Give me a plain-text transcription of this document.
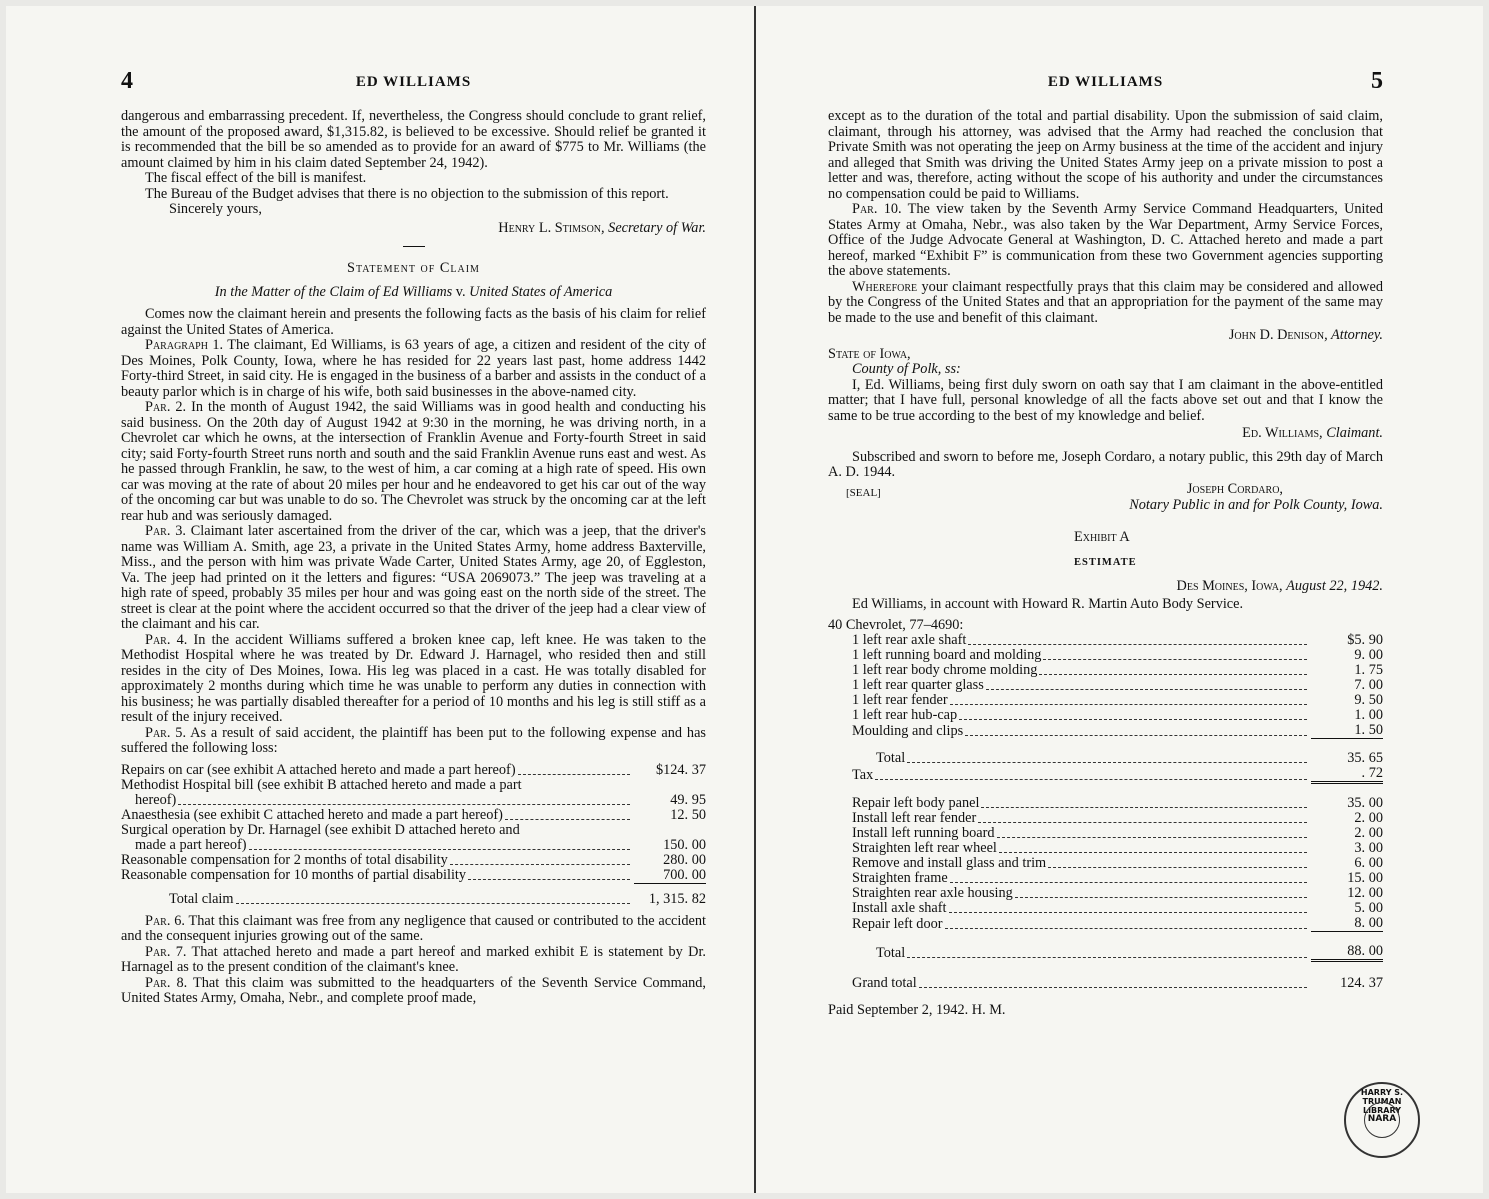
4	ED WILLIAMS

dangerous and embarrassing precedent. If, nevertheless, the Congress should conclude to grant relief, the amount of the proposed award, $1,315.82, is believed to be excessive. Should relief be granted it is recommended that the bill be so amended as to provide for an award of $775 to Mr. Williams (the amount claimed by him in his claim dated September 24, 1942).

The fiscal effect of the bill is manifest.

The Bureau of the Budget advises that there is no objection to the submission of this report.

Sincerely yours,

Henry L. Stimson, Secretary of War.

Statement of Claim

In the Matter of the Claim of Ed Williams v. United States of America

Comes now the claimant herein and presents the following facts as the basis of his claim for relief against the United States of America.

Paragraph 1. The claimant, Ed Williams, is 63 years of age, a citizen and resident of the city of Des Moines, Polk County, Iowa, where he has resided for 22 years last past, home address 1442 Forty-third Street, in said city. He is engaged in the business of a barber and assists in the conduct of a beauty parlor which is in charge of his wife, both said businesses in the above-named city.

Par. 2. In the month of August 1942, the said Williams was in good health and conducting his said business. On the 20th day of August 1942 at 9:30 in the morning, he was driving north, in a Chevrolet car which he owns, at the intersection of Franklin Avenue and Forty-fourth Street in said city; said Forty-fourth Street runs north and south and the said Franklin Avenue runs east and west. As he passed through Franklin, he saw, to the west of him, a car coming at a high rate of speed. His own car was moving at the rate of about 20 miles per hour and he endeavored to get his car out of the way of the oncoming car but was unable to do so. The Chevrolet was struck by the oncoming car at the left rear hub and was seriously damaged.

Par. 3. Claimant later ascertained from the driver of the car, which was a jeep, that the driver's name was William A. Smith, age 23, a private in the United States Army, home address Baxterville, Miss., and the person with him was private Wade Carter, United States Army, age 20, of Eggleston, Va. The jeep had printed on it the letters and figures: “USA 2069073.” The jeep was traveling at a high rate of speed, probably 35 miles per hour and was going east on the north side of the street. The street is clear at the point where the accident occurred so that the driver of the jeep had a clear view of the claimant and his car.

Par. 4. In the accident Williams suffered a broken knee cap, left knee. He was taken to the Methodist Hospital where he was treated by Dr. Edward J. Harnagel, who resided then and still resides in the city of Des Moines, Iowa. His leg was placed in a cast. He was totally disabled for approximately 2 months during which time he was unable to perform any duties in connection with his business; he was partially disabled thereafter for a period of 10 months and his leg is still stiff as a result of the injury received.

Par. 5. As a result of said accident, the plaintiff has been put to the following expense and has suffered the following loss:

Repairs on car (see exhibit A attached hereto and made a part hereof)	$124. 37

Methodist Hospital bill (see exhibit B attached hereto and made a part
hereof)	49. 95

Anaesthesia (see exhibit C attached hereto and made a part hereof)	12. 50

Surgical operation by Dr. Harnagel (see exhibit D attached hereto and
made a part hereof)	150. 00

Reasonable compensation for 2 months of total disability	280. 00

Reasonable compensation for 10 months of partial disability	700. 00

Total claim	1, 315. 82

Par. 6. That this claimant was free from any negligence that caused or contributed to the accident and the consequent injuries growing out of the same.

Par. 7. That attached hereto and made a part hereof and marked exhibit E is statement by Dr. Harnagel as to the present condition of the claimant's knee.

Par. 8. That this claim was submitted to the headquarters of the Seventh Service Command, United States Army, Omaha, Nebr., and complete proof made,

ED WILLIAMS	5

except as to the duration of the total and partial disability. Upon the submission of said claim, claimant, through his attorney, was advised that the Army had reached the conclusion that Private Smith was not operating the jeep on Army business at the time of the accident and injury and alleged that Smith was driving the United States Army jeep on a private mission to post a letter and was, therefore, acting without the scope of his authority and under the circumstances no compensation could be paid to Williams.

Par. 10. The view taken by the Seventh Army Service Command Headquarters, United States Army at Omaha, Nebr., was also taken by the War Department, Army Service Forces, Office of the Judge Advocate General at Washington, D. C. Attached hereto and made a part hereof, marked “Exhibit F” is communication from these two Government agencies supporting the above statements.

Wherefore your claimant respectfully prays that this claim may be considered and allowed by the Congress of the United States and that an appropriation for the payment of the same may be made to the use and benefit of this claimant.

John D. Denison, Attorney.

State of Iowa,

County of Polk, ss:

I, Ed. Williams, being first duly sworn on oath say that I am claimant in the above-entitled matter; that I have full, personal knowledge of all the facts above set out and that I know the same to be true according to the best of my knowledge and belief.

Ed. Williams, Claimant.

Subscribed and sworn to before me, Joseph Cordaro, a notary public, this 29th day of March A. D. 1944.

[SEAL]	Joseph Cordaro,
Notary Public in and for Polk County, Iowa.

Exhibit A

ESTIMATE

Des Moines, Iowa, August 22, 1942.

Ed Williams, in account with Howard R. Martin Auto Body Service.

40 Chevrolet, 77–4690:

1 left rear axle shaft	$5. 90

1 left running board and molding	9. 00

1 left rear body chrome molding	1. 75

1 left rear quarter glass	7. 00

1 left rear fender	9. 50

1 left rear hub-cap	1. 00

Moulding and clips	1. 50

Total	35. 65

Tax	. 72

Repair left body panel	35. 00

Install left rear fender	2. 00

Install left running board	2. 00

Straighten left rear wheel	3. 00

Remove and install glass and trim	6. 00

Straighten frame	15. 00

Straighten rear axle housing	12. 00

Install axle shaft	5. 00

Repair left door	8. 00

Total	88. 00

Grand total	124. 37

Paid September 2, 1942. H. M.

HARRY S. TRUMAN LIBRARY
NARA
